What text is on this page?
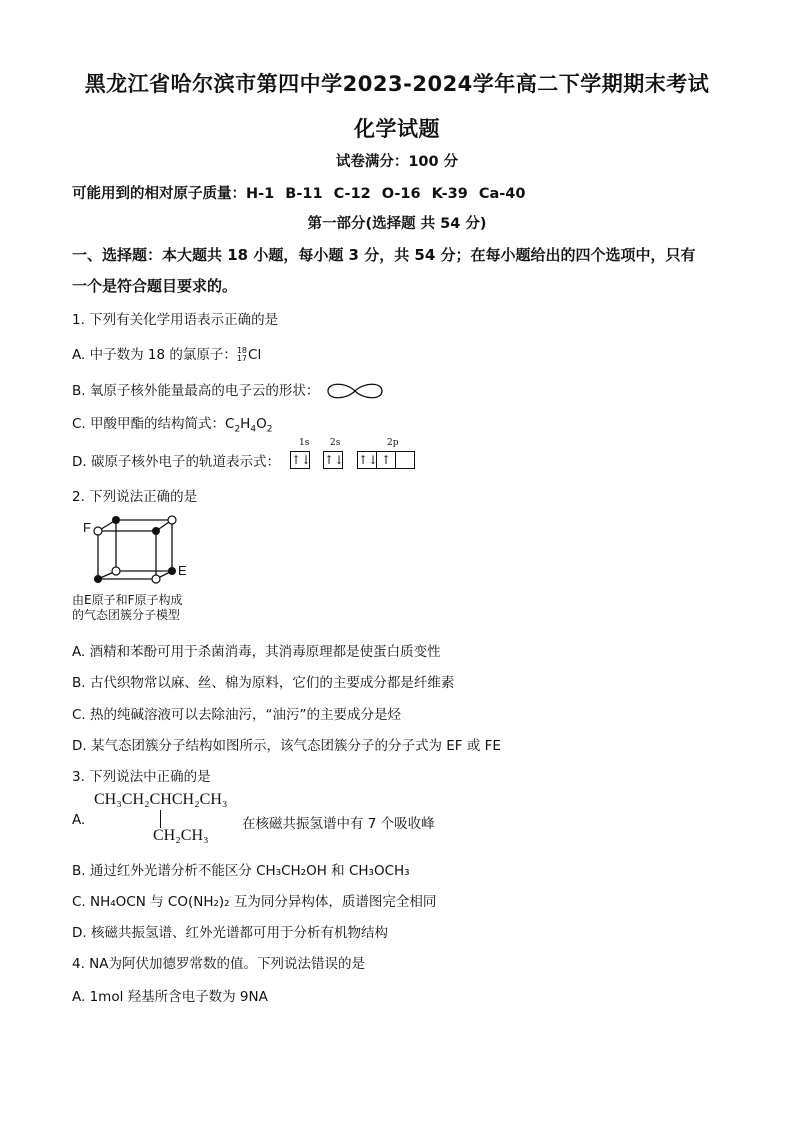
黑龙江省哈尔滨市第四中学2023-2024学年高二下学期期末考试
化学试题
试卷满分：100 分
可能用到的相对原子质量：H-1 B-11 C-12 O-16 K-39 Ca-40
第一部分(选择题 共 54 分)
一、选择题：本大题共 18 小题，每小题 3 分，共 54 分；在每小题给出的四个选项中，只有
一个是符合题目要求的。
1. 下列有关化学用语表示正确的是
A. 中子数为 18 的氯原子： 18
17 Cl
B. 氧原子核外能量最高的电子云的形状：
C. 甲酸甲酯的结构简式：$C_2H_4O_2$
D. 碳原子核外电子的轨道表示式：
1s 2s	2p
↑↓ ↑↓ ↑↓ ↑
2. 下列说法正确的是
F
E
由E原子和F原子构成
的气态团簇分子模型
A. 酒精和苯酚可用于杀菌消毒，其消毒原理都是使蛋白质变性
B. 古代织物常以麻、丝、棉为原料，它们的主要成分都是纤维素
C. 热的纯碱溶液可以去除油污，“油污”的主要成分是烃
D. 某气态团簇分子结构如图所示，该气态团簇分子的分子式为 EF 或 FE
3. 下列说法中正确的是
A.
CH₃CH₂CHCH₂CH₃
CH₂CH₃
在核磁共振氢谱中有 7 个吸收峰
B. 通过红外光谱分析不能区分 CH₃CH₂OH 和 CH₃OCH₃
C. NH₄OCN 与 CO(NH₂)₂ 互为同分异构体，质谱图完全相同
D. 核磁共振氢谱、红外光谱都可用于分析有机物结构
4. NA为阿伏加德罗常数的值。下列说法错误的是
A. 1mol 羟基所含电子数为 9NA
